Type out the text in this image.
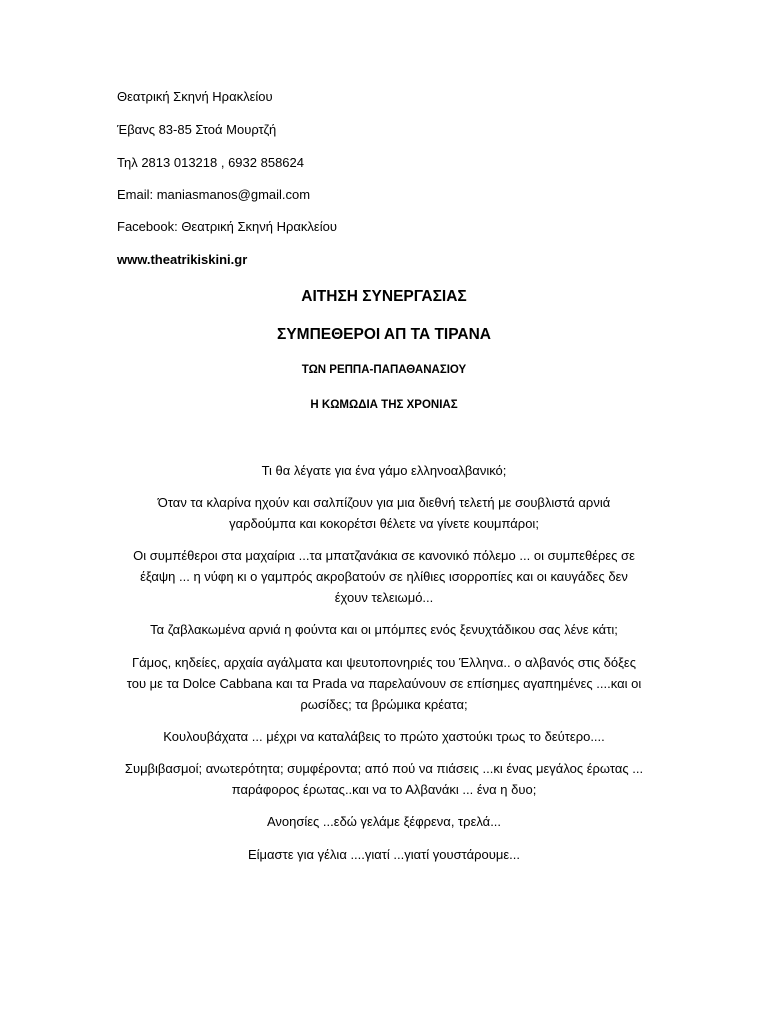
Θεατρική Σκηνή Ηρακλείου
Έβανς 83-85 Στοά Μουρτζή
Τηλ 2813 013218 , 6932 858624
Email: maniasmanos@gmail.com
Facebook: Θεατρική Σκηνή Ηρακλείου
www.theatrikiskini.gr
ΑΙΤΗΣΗ ΣΥΝΕΡΓΑΣΙΑΣ
ΣΥΜΠΕΘΕΡΟΙ ΑΠ ΤΑ ΤΙΡΑΝΑ
ΤΩΝ ΡΕΠΠΑ-ΠΑΠΑΘΑΝΑΣΙΟΥ
Η ΚΩΜΩΔΙΑ ΤΗΣ ΧΡΟΝΙΑΣ
Τι θα λέγατε για ένα γάμο ελληνοαλβανικό;
Όταν τα κλαρίνα ηχούν και σαλπίζουν για μια διεθνή τελετή με σουβλιστά αρνιά
γαρδούμπα και κοκορέτσι θέλετε να γίνετε κουμπάροι;
Οι συμπέθεροι στα μαχαίρια ...τα μπατζανάκια σε κανονικό πόλεμο ... οι συμπεθέρες σε
έξαψη ... η νύφη κι ο γαμπρός ακροβατούν σε ηλίθιες ισορροπίες και οι καυγάδες δεν
έχουν τελειωμό...
Τα ζαβλακωμένα αρνιά η φούντα και οι μπόμπες ενός ξενυχτάδικου σας λένε κάτι;
Γάμος, κηδείες, αρχαία αγάλματα και ψευτοπονηριές του Έλληνα.. ο αλβανός στις δόξες
του με τα Dolce Cabbana και τα Prada να παρελαύνουν σε επίσημες αγαπημένες ....και οι
ρωσίδες; τα βρώμικα κρέατα;
Κουλουβάχατα ... μέχρι να καταλάβεις το πρώτο χαστούκι τρως το δεύτερο....
Συμβιβασμοί; ανωτερότητα; συμφέροντα; από πού να πιάσεις ...κι ένας μεγάλος έρωτας ...
παράφορος έρωτας..και να το Αλβανάκι ... ένα η δυο;
Ανοησίες ...εδώ γελάμε ξέφρενα, τρελά...
Είμαστε για γέλια ....γιατί ...γιατί γουστάρουμε...
